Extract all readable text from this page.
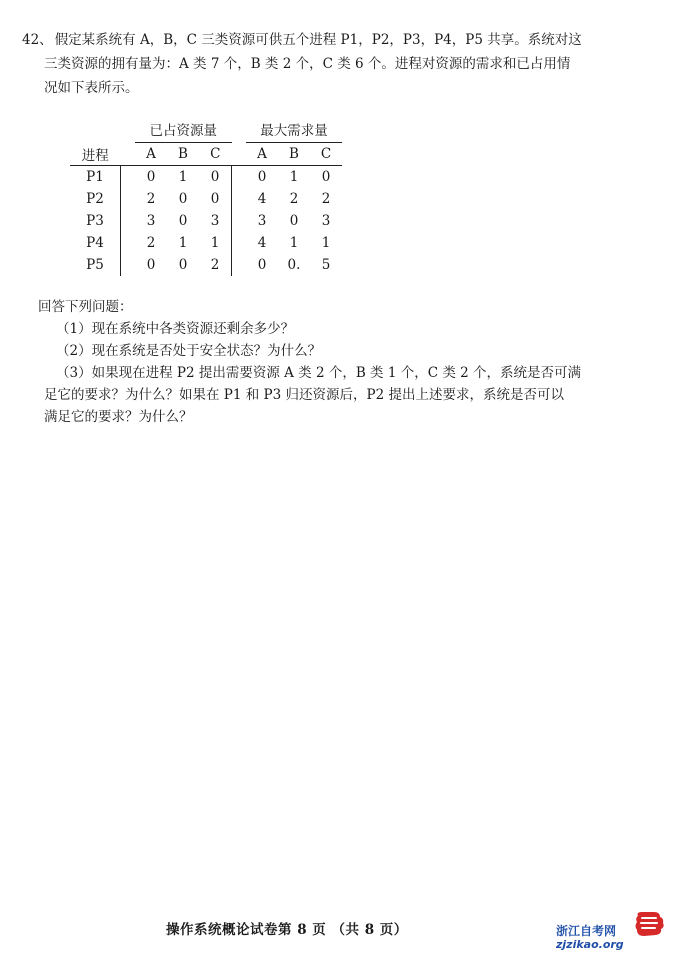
42、 假定某系统有 A，B，C 三类资源可供五个进程 P1，P2，P3，P4，P5 共享。系统对这
三类资源的拥有量为：A 类 7 个，B 类 2 个，C 类 6 个。进程对资源的需求和已占用情
况如下表所示。
		已占资源量				最大需求量		
进程		A	B	C		A	B	C
P1		0	1	0		0	1	0
P2		2	0	0		4	2	2
P3		3	0	3		3	0	3
P4		2	1	1		4	1	1
P5		0	0	2		0	0.	5
回答下列问题：
（1）现在系统中各类资源还剩余多少？
（2）现在系统是否处于安全状态？为什么？
（3）如果现在进程 P2 提出需要资源 A 类 2 个，B 类 1 个，C 类 2 个，系统是否可满
足它的要求？为什么？如果在 P1 和 P3 归还资源后，P2 提出上述要求，系统是否可以
满足它的要求？为什么？
操作系统概论试卷第 8 页 （共 8 页）	浙江自考网
zjzikao.org
